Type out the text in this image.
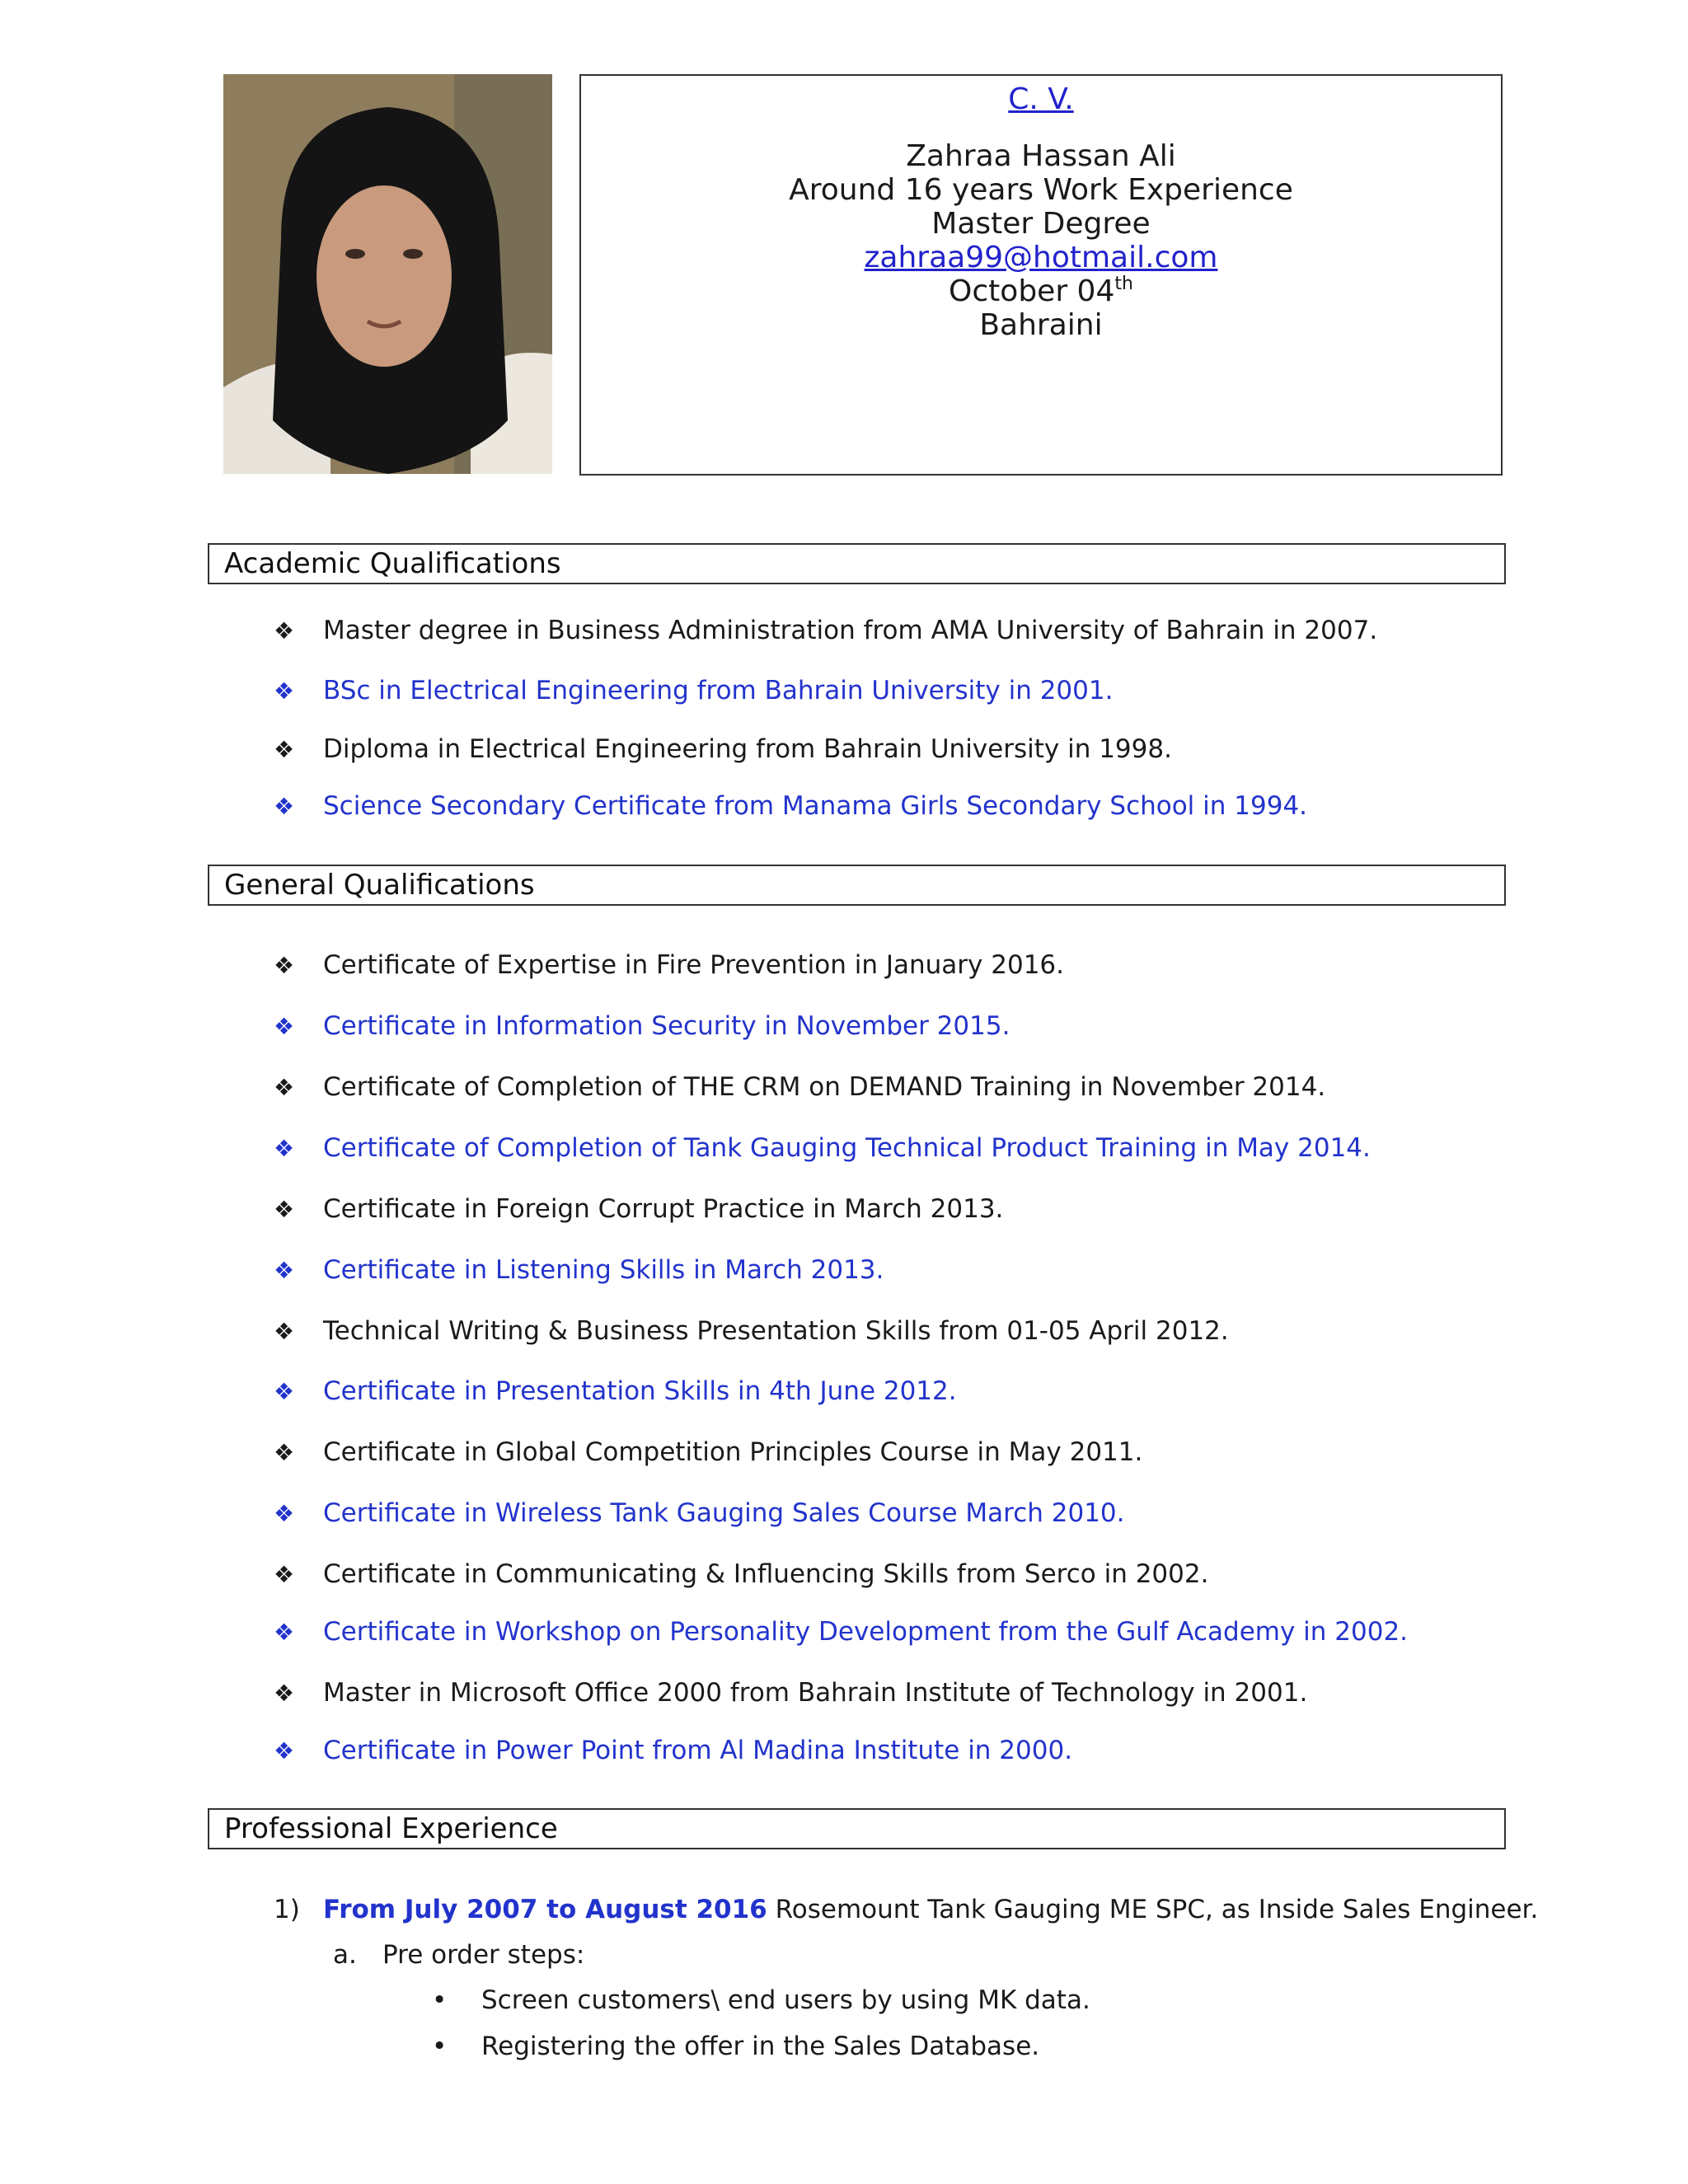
C. V.
Zahraa Hassan Ali
Around 16 years Work Experience
Master Degree
zahraa99@hotmail.com
October 04th
Bahraini
Academic Qualifications
❖ Master degree in Business Administration from AMA University of Bahrain in 2007.
❖ BSc in Electrical Engineering from Bahrain University in 2001.
❖ Diploma in Electrical Engineering from Bahrain University in 1998.
❖ Science Secondary Certificate from Manama Girls Secondary School in 1994.
General Qualifications
❖ Certificate of Expertise in Fire Prevention in January 2016.
❖ Certificate in Information Security in November 2015.
❖ Certificate of Completion of THE CRM on DEMAND Training in November 2014.
❖ Certificate of Completion of Tank Gauging Technical Product Training in May 2014.
❖ Certificate in Foreign Corrupt Practice in March 2013.
❖ Certificate in Listening Skills in March 2013.
❖ Technical Writing & Business Presentation Skills from 01-05 April 2012.
❖ Certificate in Presentation Skills in 4th June 2012.
❖ Certificate in Global Competition Principles Course in May 2011.
❖ Certificate in Wireless Tank Gauging Sales Course March 2010.
❖ Certificate in Communicating & Influencing Skills from Serco in 2002.
❖ Certificate in Workshop on Personality Development from the Gulf Academy in 2002.
❖ Master in Microsoft Office 2000 from Bahrain Institute of Technology in 2001.
❖ Certificate in Power Point from Al Madina Institute in 2000.
Professional Experience
1) From July 2007 to August 2016 Rosemount Tank Gauging ME SPC, as Inside Sales Engineer.
a. Pre order steps:
• Screen customers\ end users by using MK data.
• Registering the offer in the Sales Database.
